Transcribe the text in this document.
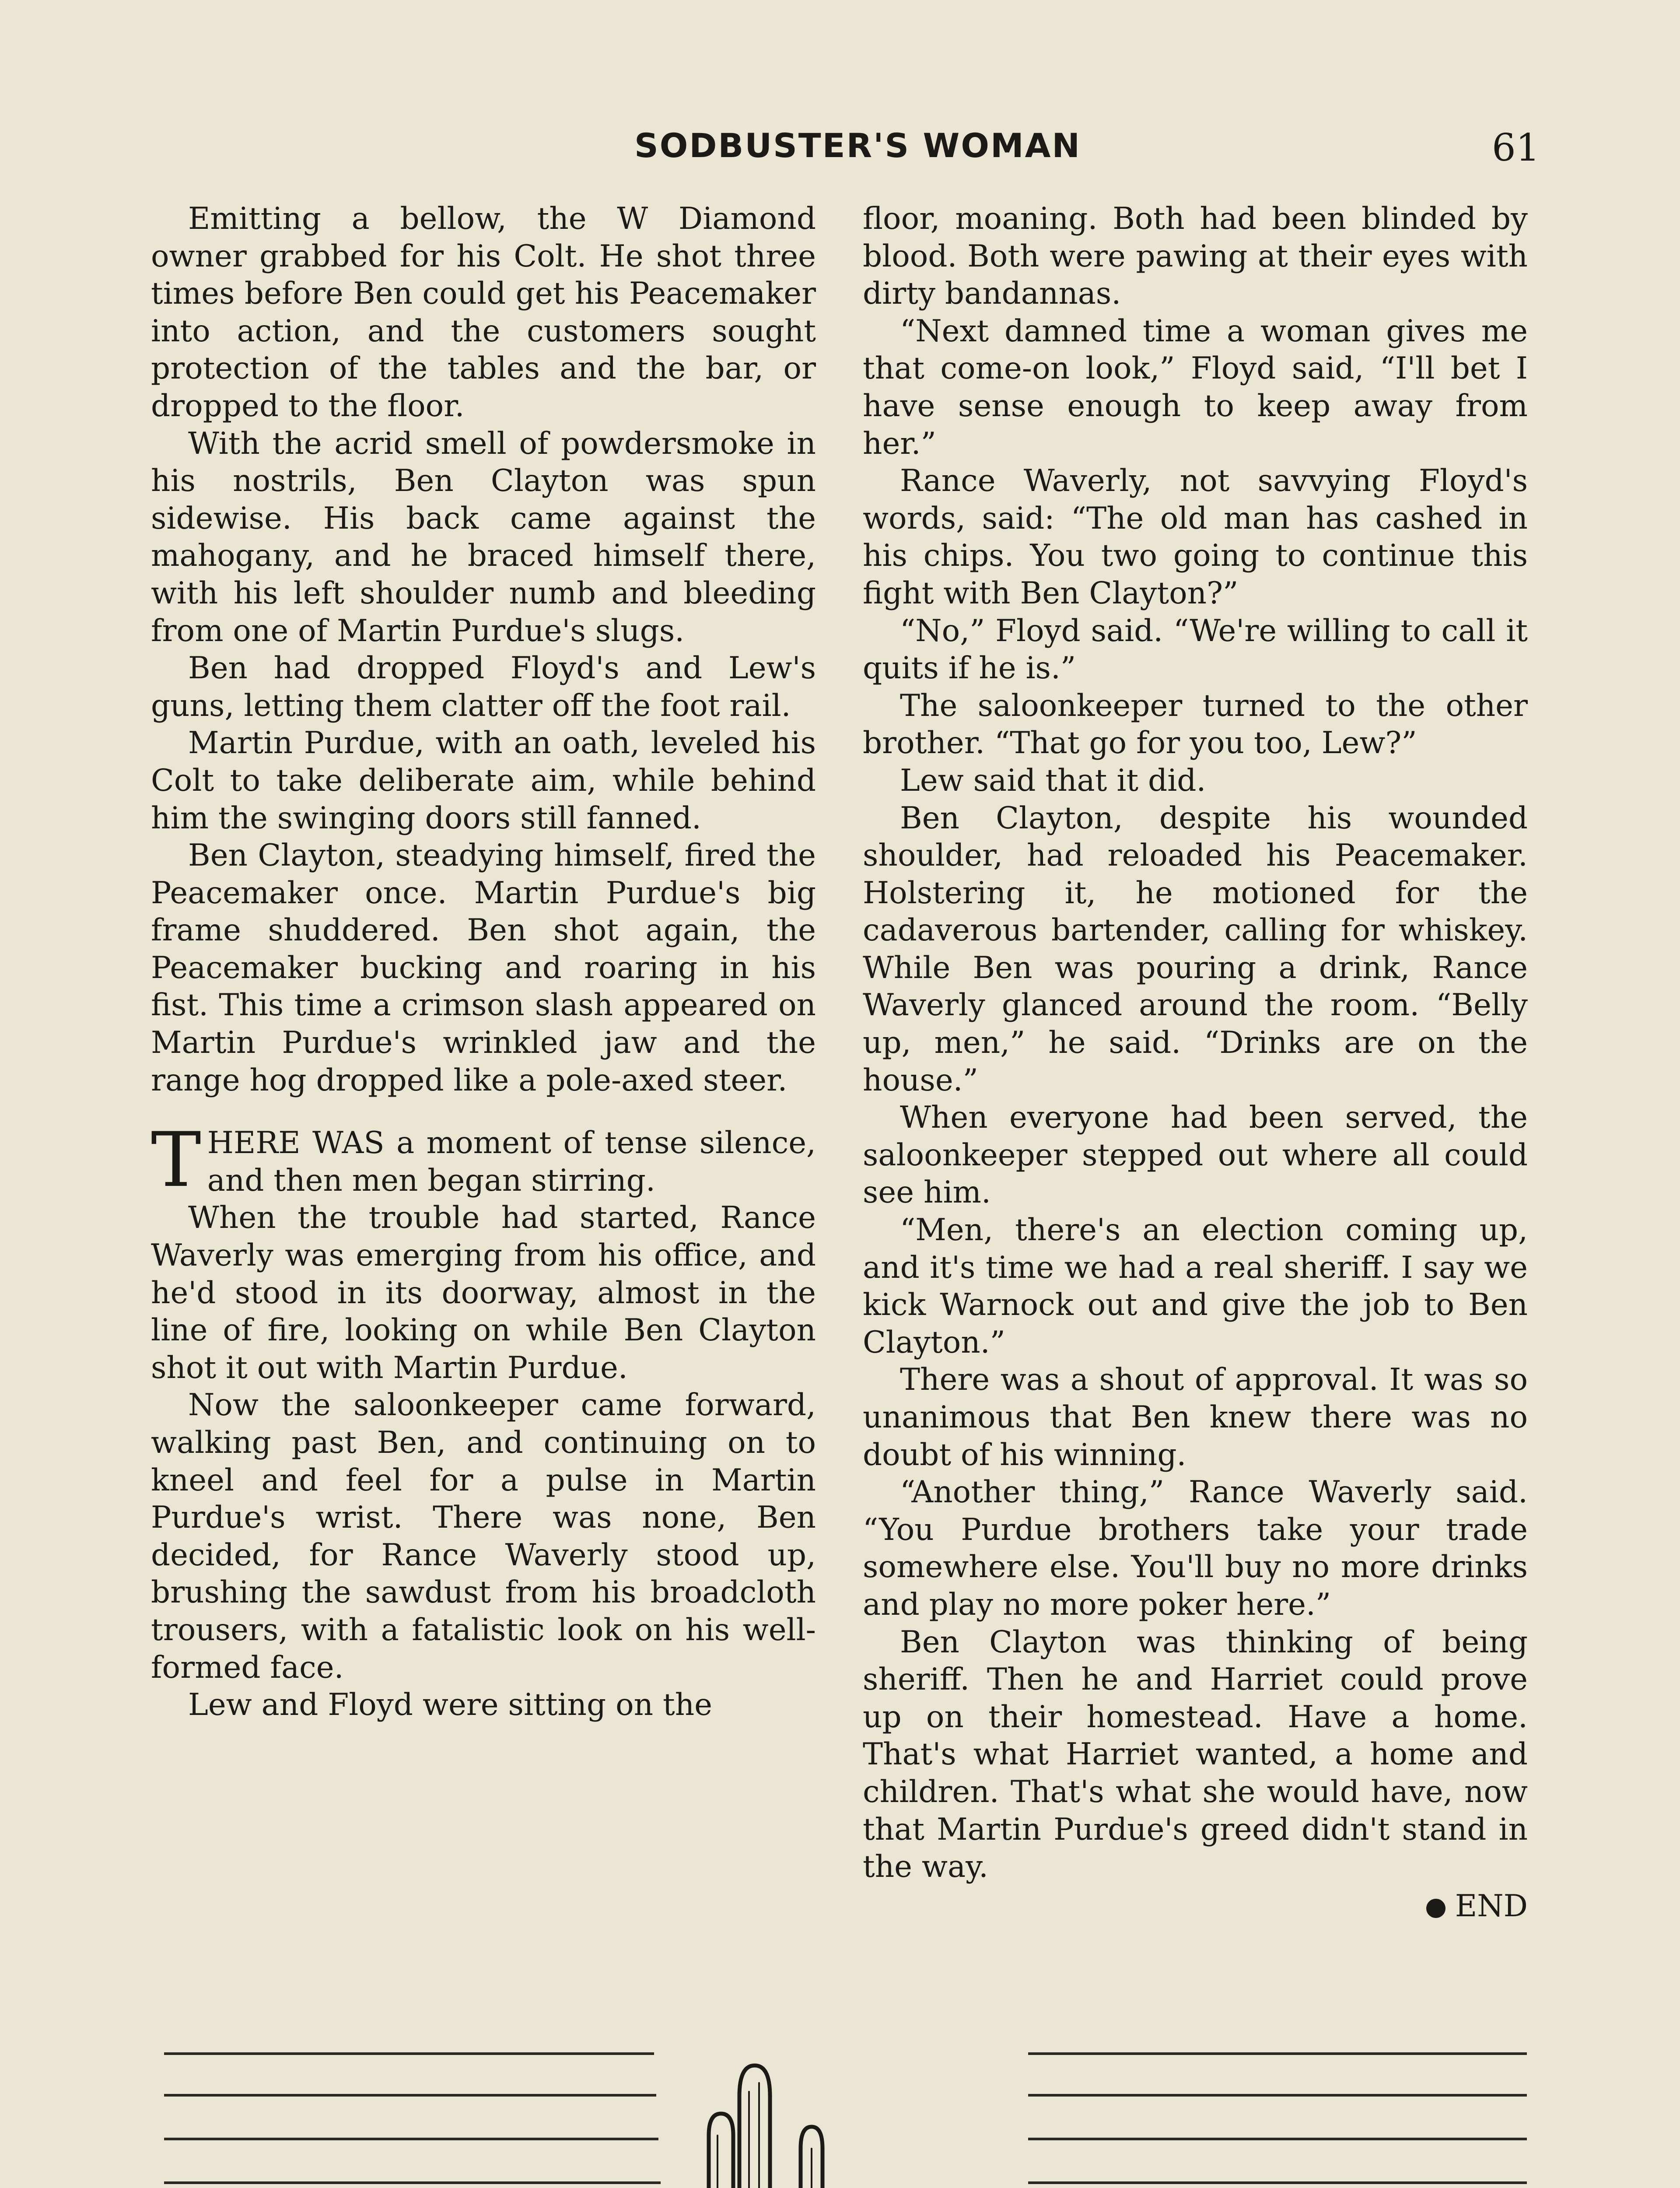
SODBUSTER'S WOMAN	61

Emitting a bellow, the W Diamond owner grabbed for his Colt. He shot three times before Ben could get his Peacemaker into action, and the customers sought protection of the tables and the bar, or dropped to the floor.

With the acrid smell of powdersmoke in his nostrils, Ben Clayton was spun sidewise. His back came against the mahogany, and he braced himself there, with his left shoulder numb and bleeding from one of Martin Purdue's slugs.

Ben had dropped Floyd's and Lew's guns, letting them clatter off the foot rail.

Martin Purdue, with an oath, leveled his Colt to take deliberate aim, while behind him the swinging doors still fanned.

Ben Clayton, steadying himself, fired the Peacemaker once. Martin Purdue's big frame shuddered. Ben shot again, the Peacemaker bucking and roaring in his fist. This time a crimson slash appeared on Martin Purdue's wrinkled jaw and the range hog dropped like a pole-axed steer.

THERE WAS a moment of tense silence, and then men began stirring.

When the trouble had started, Rance Waverly was emerging from his office, and he'd stood in its doorway, almost in the line of fire, looking on while Ben Clayton shot it out with Martin Purdue.

Now the saloonkeeper came forward, walking past Ben, and continuing on to kneel and feel for a pulse in Martin Purdue's wrist. There was none, Ben decided, for Rance Waverly stood up, brushing the sawdust from his broadcloth trousers, with a fatalistic look on his well-formed face.

Lew and Floyd were sitting on the

floor, moaning. Both had been blinded by blood. Both were pawing at their eyes with dirty bandannas.

“Next damned time a woman gives me that come-on look,” Floyd said, “I'll bet I have sense enough to keep away from her.”

Rance Waverly, not savvying Floyd's words, said: “The old man has cashed in his chips. You two going to continue this fight with Ben Clayton?”

“No,” Floyd said. “We're willing to call it quits if he is.”

The saloonkeeper turned to the other brother. “That go for you too, Lew?”

Lew said that it did.

Ben Clayton, despite his wounded shoulder, had reloaded his Peacemaker. Holstering it, he motioned for the cadaverous bartender, calling for whiskey. While Ben was pouring a drink, Rance Waverly glanced around the room. “Belly up, men,” he said. “Drinks are on the house.”

When everyone had been served, the saloonkeeper stepped out where all could see him.

“Men, there's an election coming up, and it's time we had a real sheriff. I say we kick Warnock out and give the job to Ben Clayton.”

There was a shout of approval. It was so unanimous that Ben knew there was no doubt of his winning.

“Another thing,” Rance Waverly said. “You Purdue brothers take your trade somewhere else. You'll buy no more drinks and play no more poker here.”

Ben Clayton was thinking of being sheriff. Then he and Harriet could prove up on their homestead. Have a home. That's what Harriet wanted, a home and children. That's what she would have, now that Martin Purdue's greed didn't stand in the way.

END
